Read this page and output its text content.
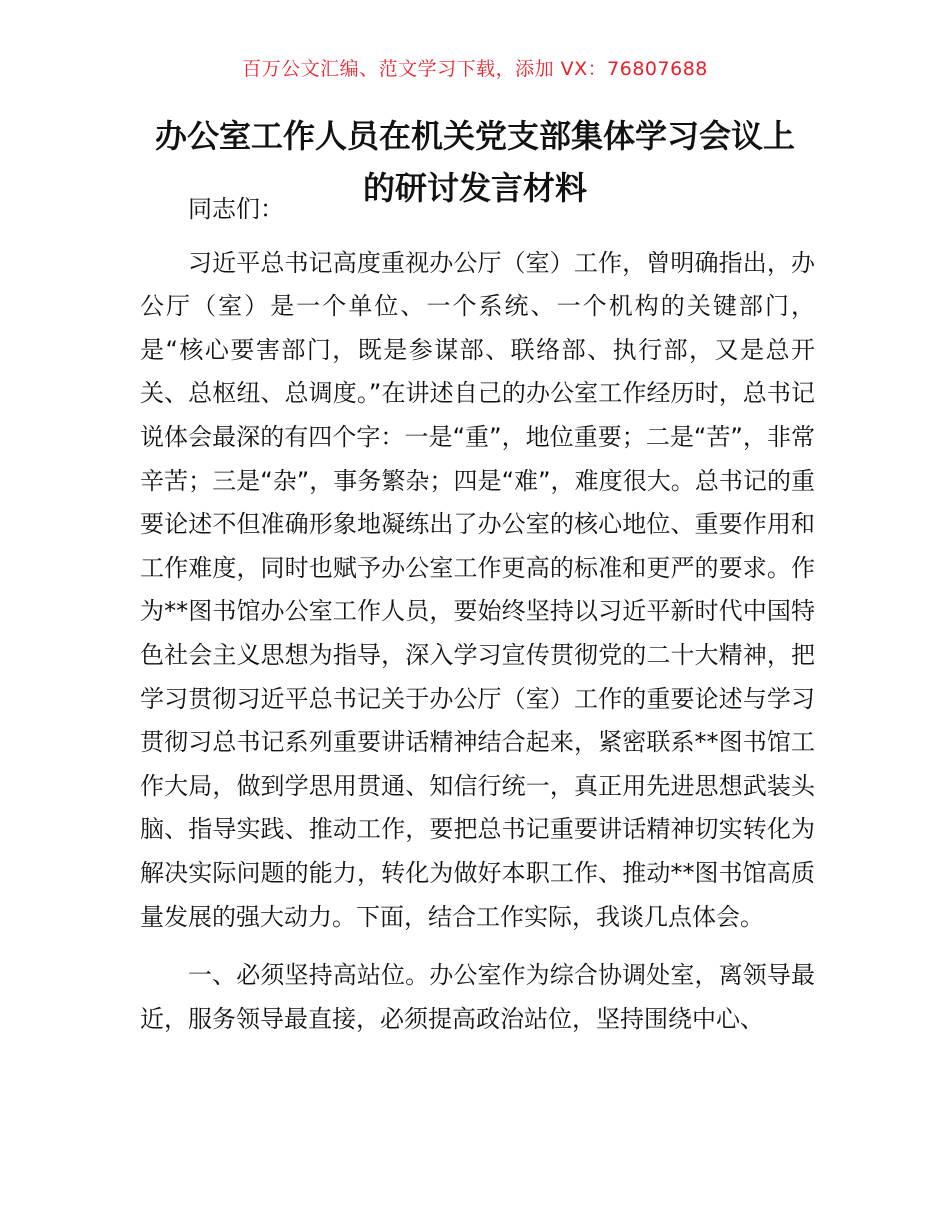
百万公文汇编、范文学习下载，添加 VX：76807688
办公室工作人员在机关党支部集体学习会议上
的研讨发言材料

同志们：

习近平总书记高度重视办公厅（室）工作，曾明确指出，办公厅（室）是一个单位、一个系统、一个机构的关键部门，是“核心要害部门，既是参谋部、联络部、执行部，又是总开关、总枢纽、总调度。”在讲述自己的办公室工作经历时，总书记说体会最深的有四个字：一是“重”，地位重要；二是“苦”，非常辛苦；三是“杂”，事务繁杂；四是“难”，难度很大。总书记的重要论述不但准确形象地凝练出了办公室的核心地位、重要作用和工作难度，同时也赋予办公室工作更高的标准和更严的要求。作为**图书馆办公室工作人员，要始终坚持以习近平新时代中国特色社会主义思想为指导，深入学习宣传贯彻党的二十大精神，把学习贯彻习近平总书记关于办公厅（室）工作的重要论述与学习贯彻习总书记系列重要讲话精神结合起来，紧密联系**图书馆工作大局，做到学思用贯通、知信行统一，真正用先进思想武装头脑、指导实践、推动工作，要把总书记重要讲话精神切实转化为解决实际问题的能力，转化为做好本职工作、推动**图书馆高质量发展的强大动力。下面，结合工作实际，我谈几点体会。

一、必须坚持高站位。办公室作为综合协调处室，离领导最近，服务领导最直接，必须提高政治站位，坚持围绕中心、
